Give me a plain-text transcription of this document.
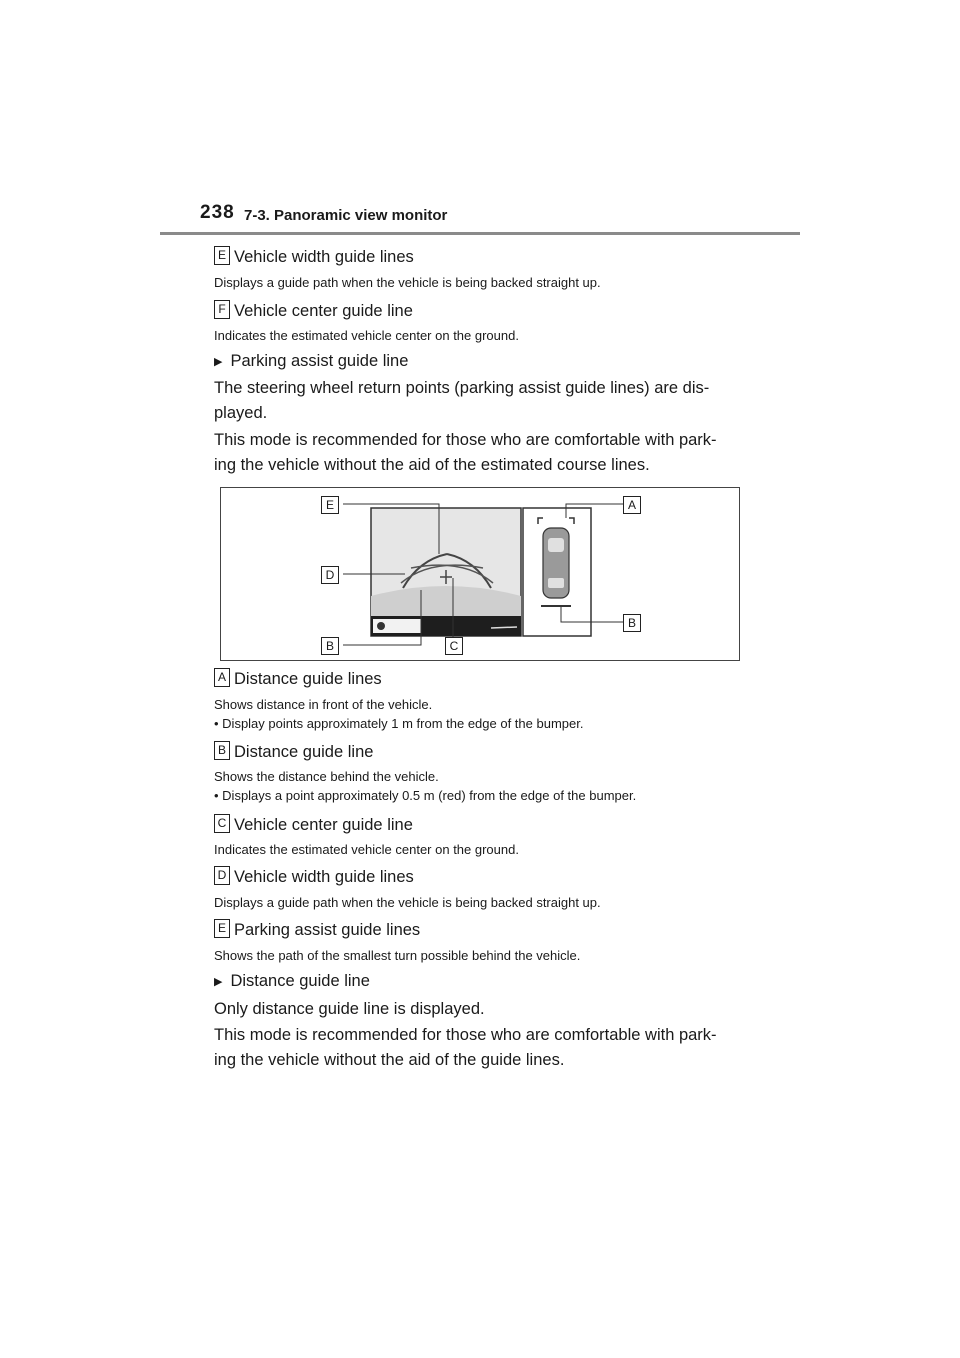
238 7-3. Panoramic view monitor
E Vehicle width guide lines
Displays a guide path when the vehicle is being backed straight up.
F Vehicle center guide line
Indicates the estimated vehicle center on the ground.
▶ Parking assist guide line
The steering wheel return points (parking assist guide lines) are dis-
played.
This mode is recommended for those who are comfortable with park-
ing the vehicle without the aid of the estimated course lines.
E	A
D
B
B
C
A Distance guide lines
Shows distance in front of the vehicle.
• Display points approximately 1 m from the edge of the bumper.
B Distance guide line
Shows the distance behind the vehicle.
• Displays a point approximately 0.5 m (red) from the edge of the bumper.
C Vehicle center guide line
Indicates the estimated vehicle center on the ground.
D Vehicle width guide lines
Displays a guide path when the vehicle is being backed straight up.
E Parking assist guide lines
Shows the path of the smallest turn possible behind the vehicle.
▶ Distance guide line
Only distance guide line is displayed.
This mode is recommended for those who are comfortable with park-
ing the vehicle without the aid of the guide lines.
